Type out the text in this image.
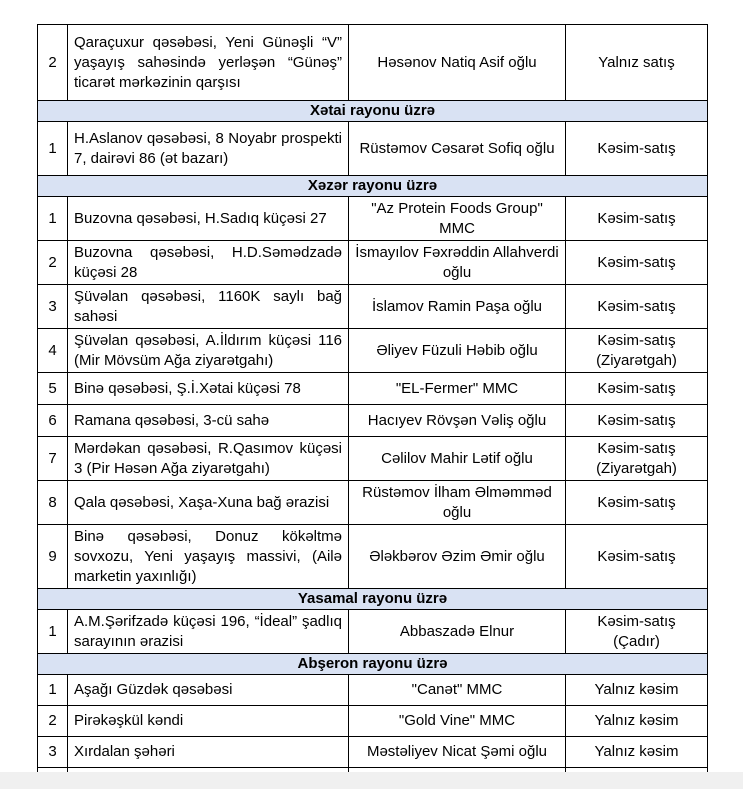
2	Qaraçuxur qəsəbəsi, Yeni Günəşli “V” yaşayış sahəsində yerləşən “Günəş” ticarət mərkəzinin qarşısı	Həsənov Natiq Asif oğlu	Yalnız satış
Xətai rayonu üzrə			
1	H.Aslanov qəsəbəsi, 8 Noyabr prospekti 7, dairəvi 86 (ət bazarı)	Rüstəmov Cəsarət Sofiq oğlu	Kəsim-satış
Xəzər rayonu üzrə			
1	Buzovna qəsəbəsi, H.Sadıq küçəsi 27	"Az Protein Foods Group" MMC	Kəsim-satış
2	Buzovna qəsəbəsi, H.D.Səmədzadə küçəsi 28	İsmayılov Fəxrəddin Allahverdi oğlu	Kəsim-satış
3	Şüvəlan qəsəbəsi, 1160K saylı bağ sahəsi	İslamov Ramin Paşa oğlu	Kəsim-satış
4	Şüvəlan qəsəbəsi, A.İldırım küçəsi 116 (Mir Mövsüm Ağa ziyarətgahı)	Əliyev Füzuli Həbib oğlu	Kəsim-satış (Ziyarətgah)
5	Binə qəsəbəsi, Ş.İ.Xətai küçəsi 78	"EL-Fermer" MMC	Kəsim-satış
6	Ramana qəsəbəsi, 3-cü sahə	Hacıyev Rövşən Vəliş oğlu	Kəsim-satış
7	Mərdəkan qəsəbəsi, R.Qasımov küçəsi 3 (Pir Həsən Ağa ziyarətgahı)	Cəlilov Mahir Lətif oğlu	Kəsim-satış (Ziyarətgah)
8	Qala qəsəbəsi, Xaşa-Xuna bağ ərazisi	Rüstəmov İlham Əlməmməd oğlu	Kəsim-satış
9	Binə qəsəbəsi, Donuz kökəltmə sovxozu, Yeni yaşayış massivi, (Ailə marketin yaxınlığı)	Ələkbərov Əzim Əmir oğlu	Kəsim-satış
Yasamal rayonu üzrə			
1	A.M.Şərifzadə küçəsi 196, “İdeal” şadlıq sarayının ərazisi	Abbaszadə Elnur	Kəsim-satış (Çadır)
Abşeron rayonu üzrə			
1	Aşağı Güzdək qəsəbəsi	"Canət" MMC	Yalnız kəsim
2	Pirəkəşkül kəndi	"Gold Vine" MMC	Yalnız kəsim
3	Xırdalan şəhəri	Məstəliyev Nicat Şəmi oğlu	Yalnız kəsim
